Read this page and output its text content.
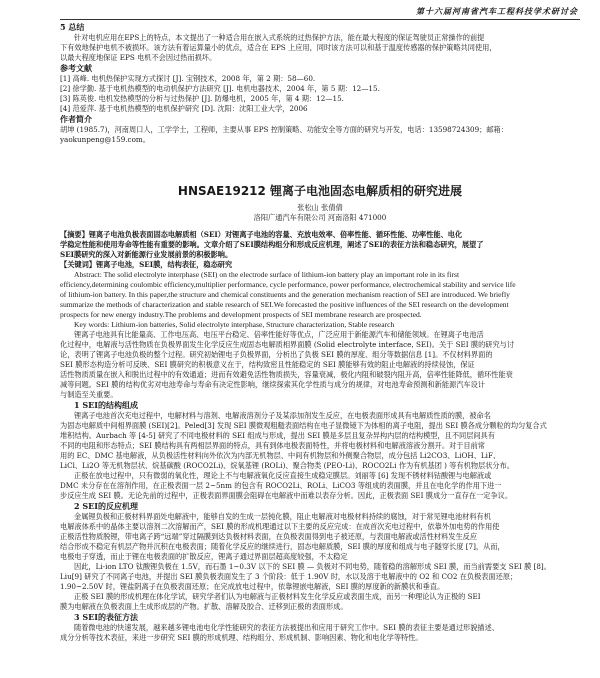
第十六届河南省汽车工程科技学术研讨会
5 总结
针对电机应用在EPS上的特点，本文提出了一种适合用在嵌入式系统的过热保护方法，能在最大程度的保证驾驶员正常操作的前提
下有效地保护电机不被损坏。该方法有着运算量小的优点，适合在 EPS 上应用，同时该方法可以和基于温度传感器的保护策略共同使用，
以最大程度地保证 EPS 电机不会因过热而损坏。
参考文献
[1] 高峰. 电机热保护实现方式探讨 [J]. 宝钢技术，2008 年，第 2 期：58—60.
[2] 徐学勤. 基于电机热模型的电动机保护方法研究 [J]. 电机电器技术，2004 年，第 5 期：12—15.
[3] 陈英俊. 电机发热模型的分析与过热保护 [J]. 防爆电机，2005 年，第 4 期：12—15.
[4] 范爱萍. 基于电机热模型的电机保护研究 [D]. 沈阳：沈阳工业大学，2006
作者简介
胡坤 (1985.7)，河南周口人，工学学士，工程师，主要从事 EPS 控制策略、功能安全等方面的研究与开发，电话：13598724309；邮箱：
yaokunpeng@159.com。
HNSAE19212 锂离子电池固态电解质相的研究进展
张松山 张倩倩
洛阳广通汽车有限公司 河南洛阳 471000
【摘要】锂离子电池负极表面固态电解质相（SEI）对锂离子电池的容量、充放电效率、倍率性能、循环性能、功率性能、电化
学稳定性能和使用寿命等性能有重要的影响。文章介绍了SEI膜结构组分和形成反应机理，阐述了SEI的表征方法和稳态研究，展望了
SEI膜研究的深入对新能源行业发展前景的积极影响。
【关键词】锂离子电池，SEI膜，结构表征，稳态研究
Abstract: The solid electrolyte interphase (SEI) on the electrode surface of lithium-ion battery play an important role in its first
efficiency,determining coulombic efficiency,multiplier performance, cycle performance, power performance, electrochemical stability and service life
of lithium-ion battery. In this paper,the structure and chemical constituents and the generation mechanism reaction of SEI are introduced. We briefly
summarize the methods of characterization and stable research of SEI.We forecasted the positive influences of the SEI research on the development
prospects for new energy industry.The problems and development prospects of SEI membrane research are prospected.
Key words: Lithium-ion batteries, Solid electrolyte interphase, Structure characterization, Stable research
锂离子电池具有比能量高、工作电压高、电压平台稳定、倍率性能好等优点，广泛应用于新能源汽车和储能领域。在锂离子电池活
化过程中，电解液与活性物质在负极界面发生化学反应生成固态电解质相界面膜 (Solid electrolyte interface, SEI)。关于 SEI 膜的研究与讨
论，表明了锂离子电池负极的整个过程。研究初始锂电子负极界面，分析出了负极 SEI 膜的厚度、组分等数据信息 [1]。不仅材料界面的
SEI 膜形态构造分析可反映、SEI 膜研究的积极意义在于，结构致密且性能稳定的 SEI 膜能够有效的阻止电解液的持续侵蚀，保证
活性物质质量在嵌入和脱出过程中的有效通道；进而有效避免活性物质损失，容量衰减，极化内阻和破裂内阻升高，倍率性能降低，循环性能衰
减等问题。SEI 膜的结构优劣对电池寿命与寿命有决定性影响，继续探索其化学性质与成分的规律，对电池寿命预测和新能源汽车设计
与制造至关重要。
1 SEI的结构组成
锂离子电池首次充电过程中，电解材料与溶剂、电解液溶剂分子及某添加剂发生反应，在电极表面形成具有电解质性质的膜，被命名
为固态电解质中间相界面膜 (SEI)[2]。Peled[3] 发现 SEI 膜微观粗糙表面结构在电子显微镜下为体相的离子电阻，提出 SEI 膜各成分颗粒的均匀复合式
堆积结构。Aurbach 等 [4-5] 研究了不同电极材料的 SEI 组成与形成，提出 SEI 膜是多层且复杂异构内层的结构模型，且不同层间具有
不同的电阻和形态特点；SEI 膜结构具有两相层界面的特点，具有到体电极表面特性，并将电极材料和电解液溶液分割开。对于目前常
用的 EC、DMC 基电解液，从负极活性材料向外依次为内部无机物层、中间有机物层和外侧聚合物层，成分包括 Li2CO3、LiOH、LiF、
LiCl、Li2O 等无机物层状、烷基碳酸 (ROCO2Li)、烷氧基锂 (ROLi)、聚合物类 (PEO-Li)、ROCO2Li 作为有机基团 ) 等有机物层状分布。
正极在放电过程中，只有微弱的氧化性，理论上不与电解液氧化反应直接生成稳定膜层。刘丽等 [6] 发现不锈材料钴酸锂与电解液或
DMC 未分存在在溶剂作用，在正极表面一层 2~5nm 的包含有 ROCO2Li、ROLi、LiCO3 等组成的表面膜，并且在电化学的作用下进一
步反应生成 SEI 膜。无论先前的过程中，正极表面界面膜会阻碍在电解液中而难以表存分析。因此，正极表面 SEI 膜成分一直存在一定争议。
2 SEI的反应机理
金属锂负极和正极材料界面处电解液中，能够自发的生成一层钝化膜，阻止电解液对电极材料持续的腐蚀，对于常见锂电池材料有机
电解液体系中的晶体主要以溶剂二次溶解而产，SEI 膜的形成机理通过以下主要的反应完成：在成首次充电过程中，依靠外加电势的作用使
正极活性物质脱锂，带电离子跨“远端”穿过隔膜到达负极材料表面，在负极表面得到电子被还原，与表面电解液或活性材料发生反应
结合形成不稳定有机层产物并沉积在电极表面；随着化学反应的继续进行，固态电解质膜，SEI 膜的厚度和组成与电子隧穿长度 [7]，从而，
电极电子穿透，而止于锂在电极表面的扩散反应，锂离子通过界面层超高度较强，不太稳定
因此，Li-ion LTO 钛酸锂负极在 1.5V，而石墨 1~0.3V 以下的 SEI 膜 — 负极对不同电势，随着稳的溶解形成 SEI 膜，而当前需要支 SEI 膜 [8]。
Liu[9] 研究了不同离子电池，并提出 SEI 膜负极表面发生了 3 个阶段：低于 1.90V 时，水以及溶于电解液中的 O2 和 CO2 在负极表面还原；
1.90~2.50V 时，锂盐阴离子在负极表面还原；在完成放电过程中，依靠锂嵌电解液，SEI 膜的厚度新的新膜状和垂直。
正极 SEI 膜的形成机理在体化学试，研究学者们认为电解液与正极材料发生化学反应或表面生成，而另一种理论认为正极的 SEI
膜为电解液在负极表面上生成形成层的产物。扩散、溶解及胶合、迁移到正极的表面形成。
3 SEI的表征方法
随着微电池的快速发展，越来越多锂电池电化学性能研究的表征方法被提出和应用于研究工作中。SEI 膜的表征主要是通过形貌描述、
成分分析等技术表征，来进一步研究 SEI 膜的形成机理、结构组分、形成机制、影响因素、物化和电化学等特性。
